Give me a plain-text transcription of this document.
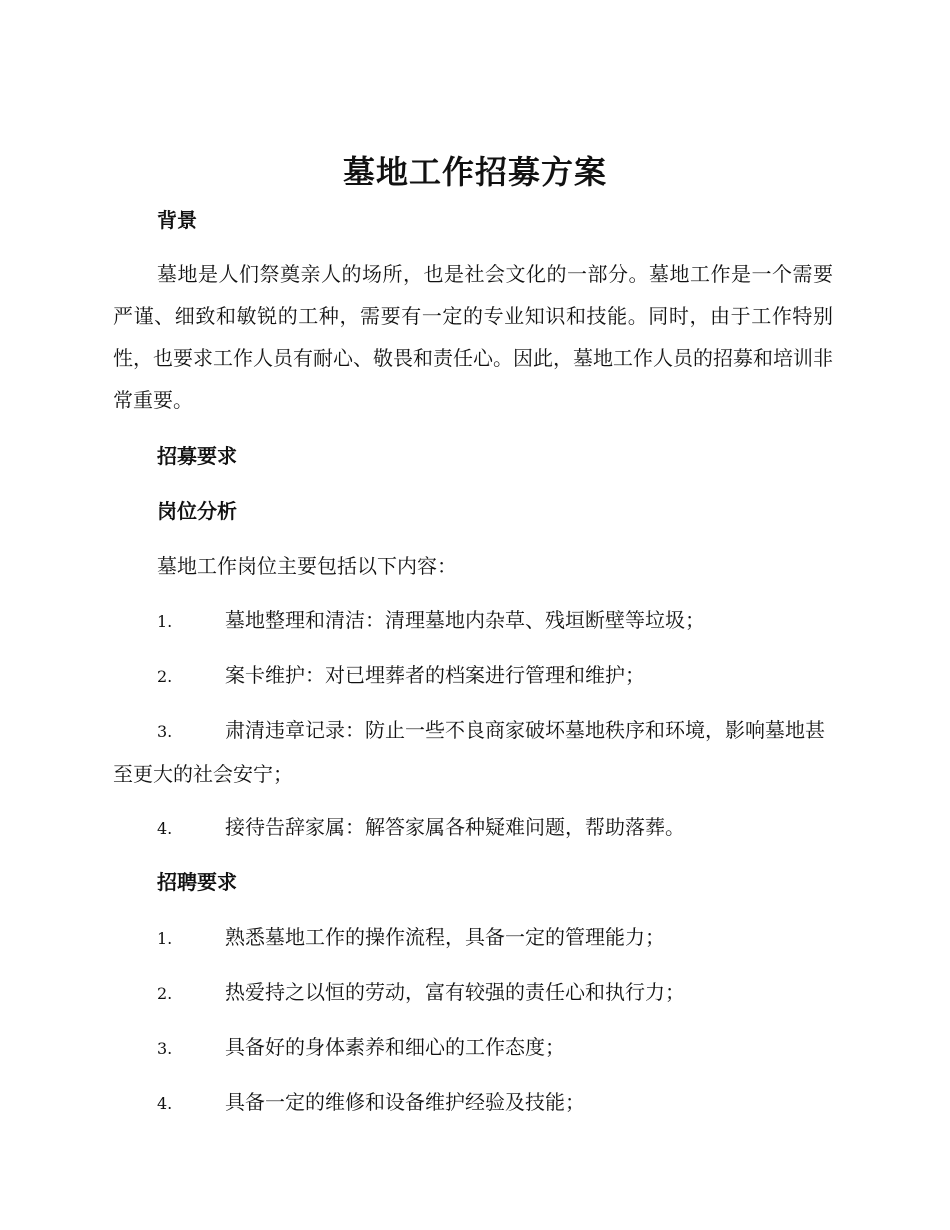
墓地工作招募方案
背景

墓地是人们祭奠亲人的场所，也是社会文化的一部分。墓地工作是一个需要严谨、细致和敏锐的工种，需要有一定的专业知识和技能。同时，由于工作特别性，也要求工作人员有耐心、敬畏和责任心。因此，墓地工作人员的招募和培训非常重要。

招募要求
岗位分析

墓地工作岗位主要包括以下内容：

1.	墓地整理和清洁：清理墓地内杂草、残垣断壁等垃圾；

2.	案卡维护：对已埋葬者的档案进行管理和维护；

3.	肃清违章记录：防止一些不良商家破坏墓地秩序和环境，影响墓地甚至更大的社会安宁；

4.	接待告辞家属：解答家属各种疑难问题，帮助落葬。

招聘要求

1.	熟悉墓地工作的操作流程，具备一定的管理能力；

2.	热爱持之以恒的劳动，富有较强的责任心和执行力；

3.	具备好的身体素养和细心的工作态度；

4.	具备一定的维修和设备维护经验及技能；
